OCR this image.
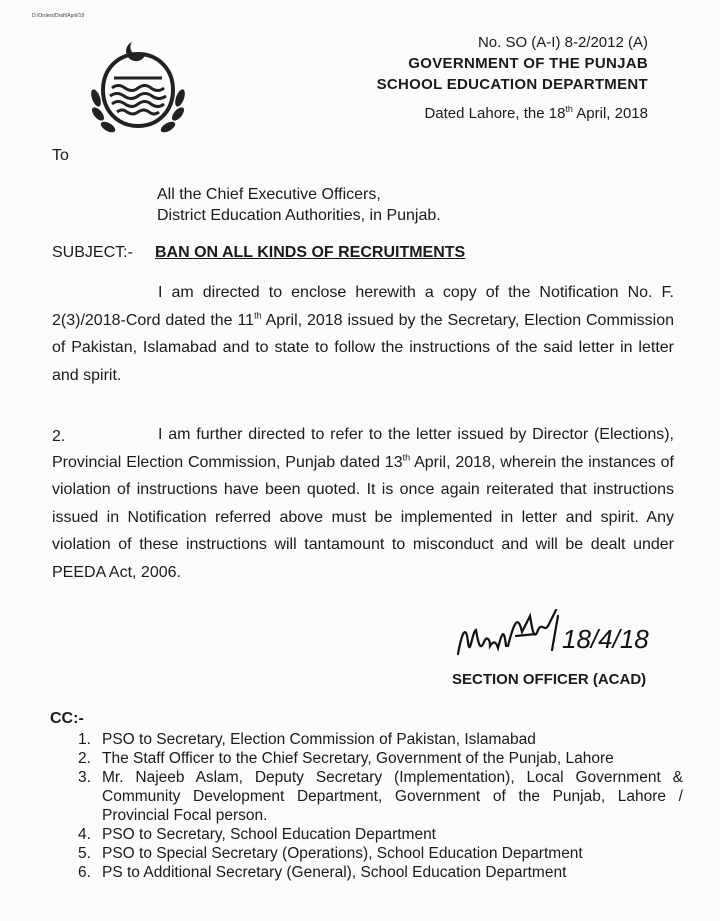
D:/Orders/Draft/April/18
No. SO (A-I) 8-2/2012 (A)
GOVERNMENT OF THE PUNJAB
SCHOOL EDUCATION DEPARTMENT
Dated Lahore, the 18th April, 2018
To
All the Chief Executive Officers,
District Education Authorities, in Punjab.
SUBJECT:- BAN ON ALL KINDS OF RECRUITMENTS
I am directed to enclose herewith a copy of the Notification No. F. 2(3)/2018-Cord dated the 11th April, 2018 issued by the Secretary, Election Commission of Pakistan, Islamabad and to state to follow the instructions of the said letter in letter and spirit.
I am further directed to refer to the letter issued by Director (Elections), Provincial Election Commission, Punjab dated 13th April, 2018, wherein the instances of violation of instructions have been quoted. It is once again reiterated that instructions issued in Notification referred above must be implemented in letter and spirit. Any violation of these instructions will tantamount to misconduct and will be dealt under PEEDA Act, 2006.
2.
18/4/18
SECTION OFFICER (ACAD)
CC:-
1. PSO to Secretary, Election Commission of Pakistan, Islamabad
2. The Staff Officer to the Chief Secretary, Government of the Punjab, Lahore
3. Mr. Najeeb Aslam, Deputy Secretary (Implementation), Local Government & Community Development Department, Government of the Punjab, Lahore / Provincial Focal person.
4. PSO to Secretary, School Education Department
5. PSO to Special Secretary (Operations), School Education Department
6. PS to Additional Secretary (General), School Education Department
